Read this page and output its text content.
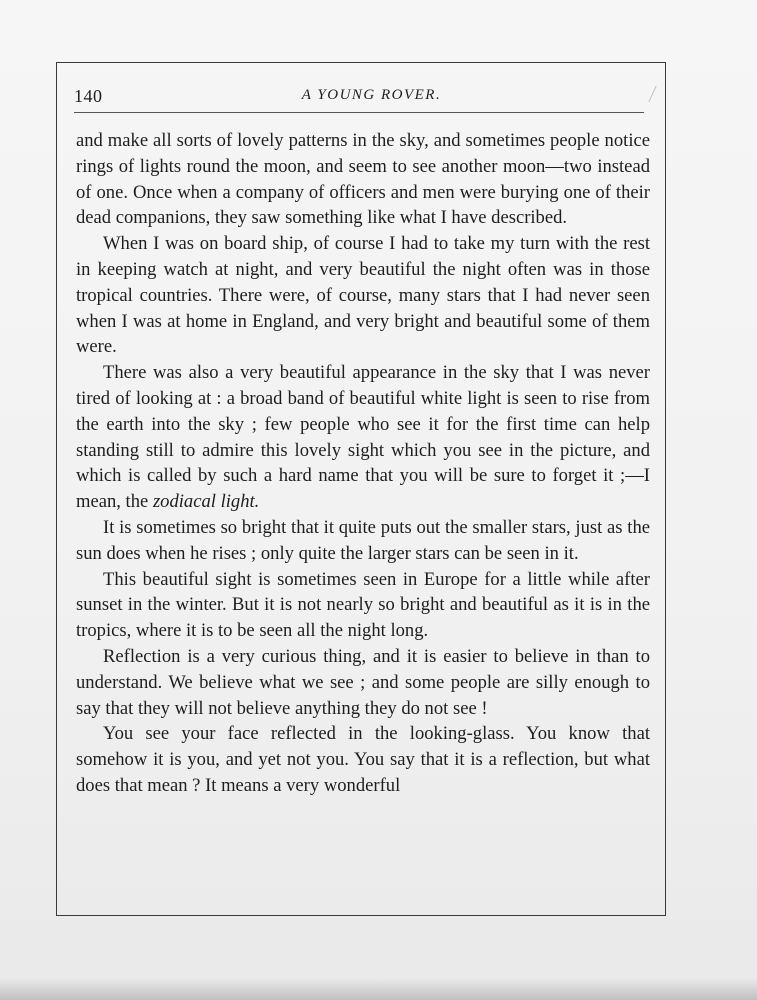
140	A YOUNG ROVER.

and make all sorts of lovely patterns in the sky, and sometimes people notice rings of lights round the moon, and seem to see another moon—two instead of one. Once when a company of officers and men were burying one of their dead companions, they saw something like what I have described.

When I was on board ship, of course I had to take my turn with the rest in keeping watch at night, and very beautiful the night often was in those tropical countries. There were, of course, many stars that I had never seen when I was at home in England, and very bright and beautiful some of them were.

There was also a very beautiful appearance in the sky that I was never tired of looking at : a broad band of beautiful white light is seen to rise from the earth into the sky ; few people who see it for the first time can help standing still to admire this lovely sight which you see in the picture, and which is called by such a hard name that you will be sure to forget it ;—I mean, the zodiacal light.

It is sometimes so bright that it quite puts out the smaller stars, just as the sun does when he rises ; only quite the larger stars can be seen in it.

This beautiful sight is sometimes seen in Europe for a little while after sunset in the winter. But it is not nearly so bright and beautiful as it is in the tropics, where it is to be seen all the night long.

Reflection is a very curious thing, and it is easier to believe in than to understand. We believe what we see ; and some people are silly enough to say that they will not believe anything they do not see !

You see your face reflected in the looking-glass. You know that somehow it is you, and yet not you. You say that it is a reflection, but what does that mean ? It means a very wonderful
